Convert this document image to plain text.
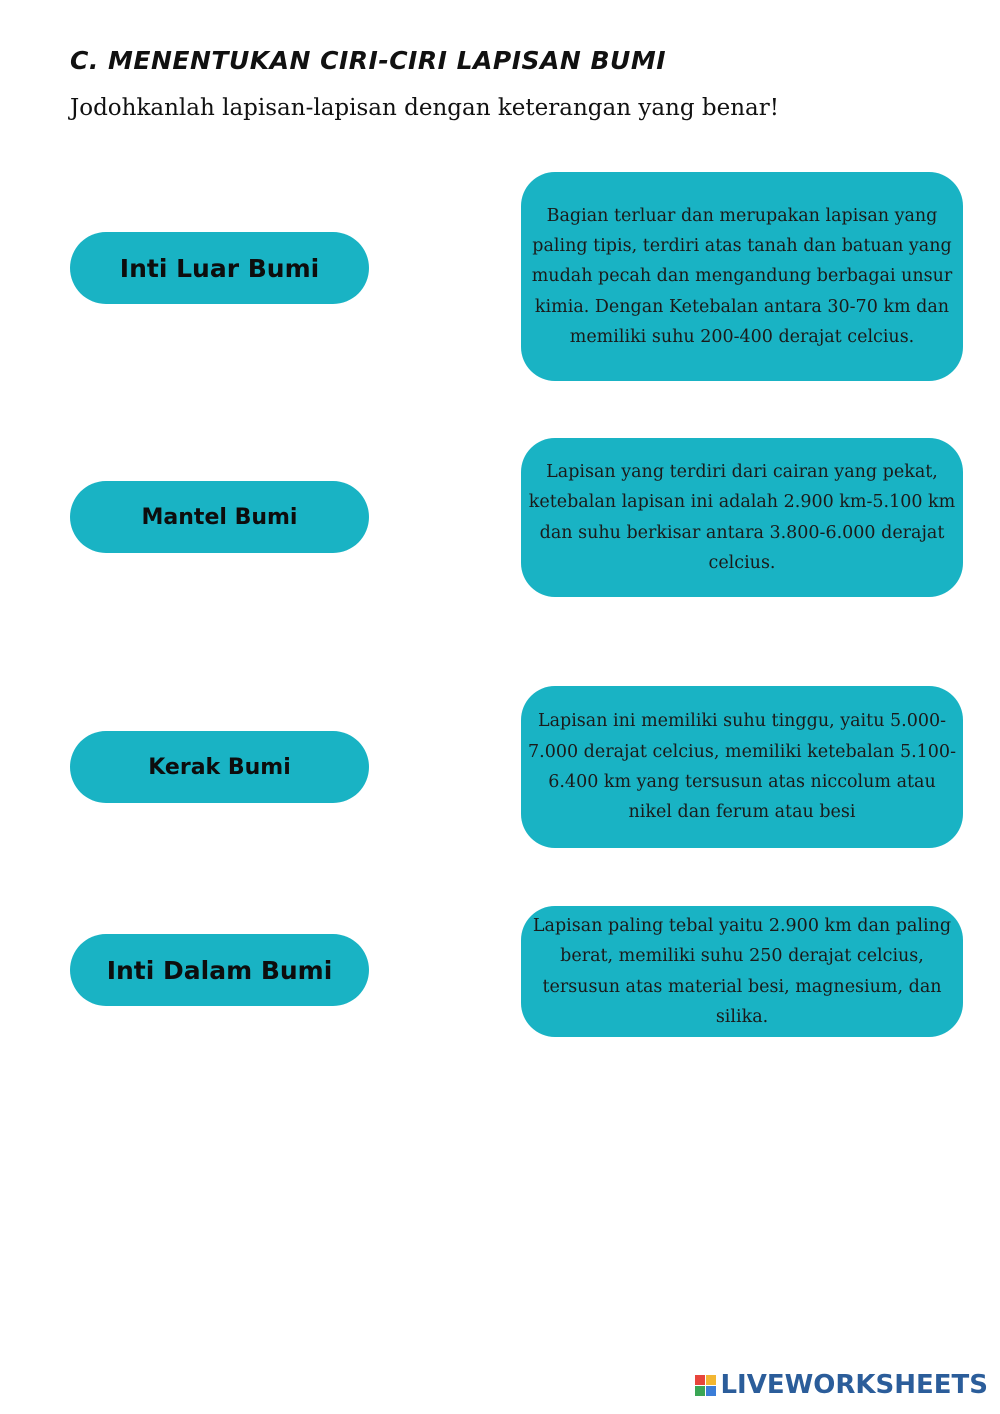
C. MENENTUKAN CIRI-CIRI LAPISAN BUMI
Jodohkanlah lapisan-lapisan dengan keterangan yang benar!
Inti Luar Bumi
Mantel Bumi
Kerak Bumi
Inti Dalam Bumi
Bagian terluar dan merupakan lapisan yang paling tipis, terdiri atas tanah dan batuan yang mudah pecah dan mengandung berbagai unsur kimia. Dengan Ketebalan antara 30-70 km dan memiliki suhu 200-400 derajat celcius.
Lapisan yang terdiri dari cairan yang pekat, ketebalan lapisan ini adalah 2.900 km-5.100 km dan suhu berkisar antara 3.800-6.000 derajat celcius.
Lapisan ini memiliki suhu tinggu, yaitu 5.000-7.000 derajat celcius, memiliki ketebalan 5.100-6.400 km yang tersusun atas niccolum atau nikel dan ferum atau besi
Lapisan paling tebal yaitu 2.900 km dan paling berat, memiliki suhu 250 derajat celcius, tersusun atas material besi, magnesium, dan silika.
LIVEWORKSHEETS
